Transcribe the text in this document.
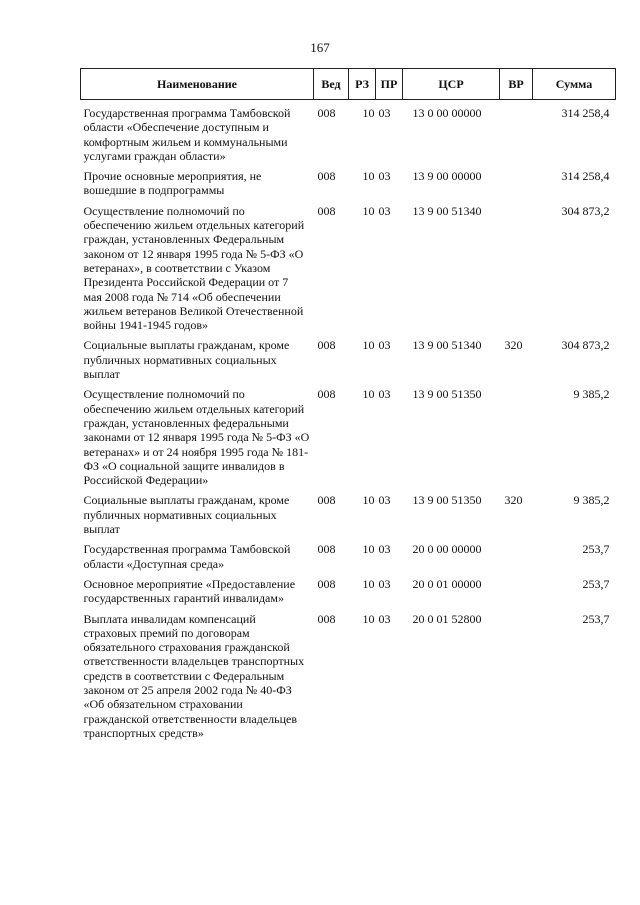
167
Наименование	Вед	РЗ	ПР	ЦСР	ВР	Сумма
Государственная программа Тамбовской области «Обеспечение доступным и комфортным жильем и коммунальными услугами граждан области»	008	10	03	13 0 00 00000		314 258,4
Прочие основные мероприятия, не вошедшие в подпрограммы	008	10	03	13 9 00 00000		314 258,4
Осуществление полномочий по обеспечению жильем отдельных категорий граждан, установленных Федеральным законом от 12 января 1995 года № 5-ФЗ «О ветеранах», в соответствии с Указом Президента Российской Федерации от 7 мая 2008 года № 714 «Об обеспечении жильем ветеранов Великой Отечественной войны 1941-1945 годов»	008	10	03	13 9 00 51340		304 873,2
Социальные выплаты гражданам, кроме публичных нормативных социальных выплат	008	10	03	13 9 00 51340	320	304 873,2
Осуществление полномочий по обеспечению жильем отдельных категорий граждан, установленных федеральными законами от 12 января 1995 года № 5-ФЗ «О ветеранах» и от 24 ноября 1995 года № 181-ФЗ «О социальной защите инвалидов в Российской Федерации»	008	10	03	13 9 00 51350		9 385,2
Социальные выплаты гражданам, кроме публичных нормативных социальных выплат	008	10	03	13 9 00 51350	320	9 385,2
Государственная программа Тамбовской области «Доступная среда»	008	10	03	20 0 00 00000		253,7
Основное мероприятие «Предоставление государственных гарантий инвалидам»	008	10	03	20 0 01 00000		253,7
Выплата инвалидам компенсаций страховых премий по договорам обязательного страхования гражданской ответственности владельцев транспортных средств в соответствии с Федеральным законом от 25 апреля 2002 года № 40-ФЗ «Об обязательном страховании гражданской ответственности владельцев транспортных средств»	008	10	03	20 0 01 52800		253,7
